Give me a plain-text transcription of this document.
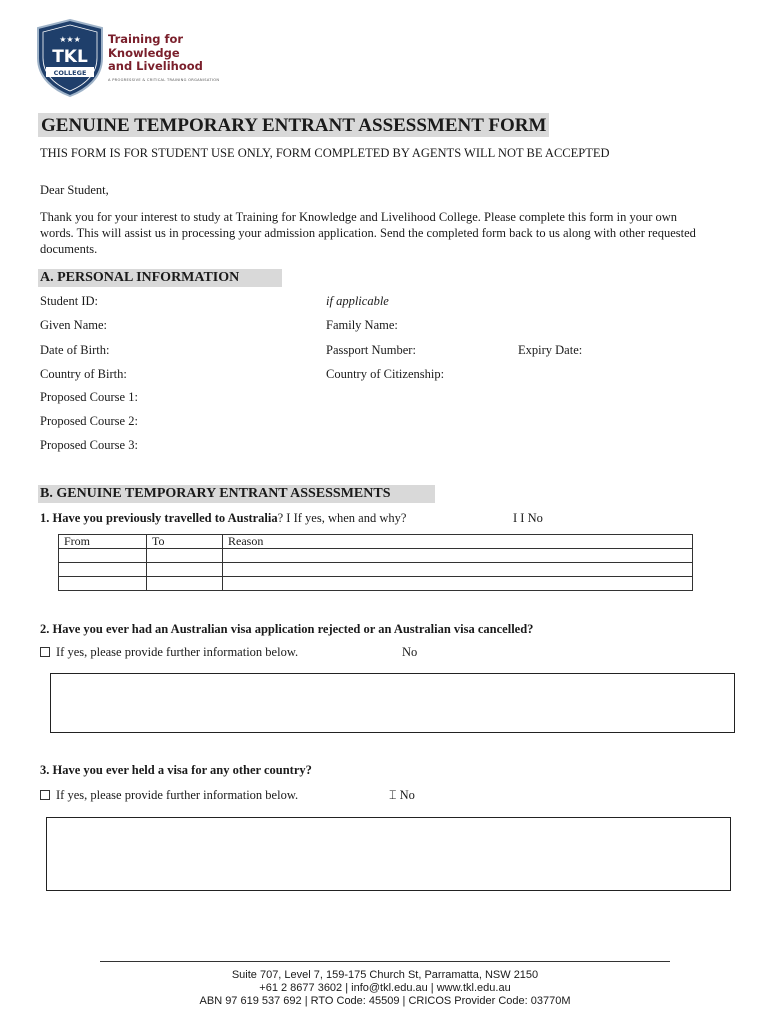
★★★
TKL
COLLEGE
Training for
Knowledge
and Livelihood
A PROGRESSIVE & CRITICAL TRAINING ORGANISATION
GENUINE TEMPORARY ENTRANT ASSESSMENT FORM
THIS FORM IS FOR STUDENT USE ONLY, FORM COMPLETED BY AGENTS WILL NOT BE ACCEPTED
Dear Student,
Thank you for your interest to study at Training for Knowledge and Livelihood College. Please complete this form in your own words. This will assist us in processing your admission application. Send the completed form back to us along with other requested documents.
A. PERSONAL INFORMATION
Student ID:	if applicable
Given Name:	Family Name:
Date of Birth:	Passport Number:	Expiry Date:
Country of Birth:	Country of Citizenship:
Proposed Course 1:
Proposed Course 2:
Proposed Course 3:
B. GENUINE TEMPORARY ENTRANT ASSESSMENTS
1. Have you previously travelled to Australia? I If yes, when and why?	I I No
From	To	Reason

2. Have you ever had an Australian visa application rejected or an Australian visa cancelled?
If yes, please provide further information below.	No
3. Have you ever held a visa for any other country?
If yes, please provide further information below.	⌶ No
Suite 707, Level 7, 159-175 Church St, Parramatta, NSW 2150
+61 2 8677 3602 | info@tkl.edu.au | www.tkl.edu.au
ABN 97 619 537 692 | RTO Code: 45509 | CRICOS Provider Code: 03770M
